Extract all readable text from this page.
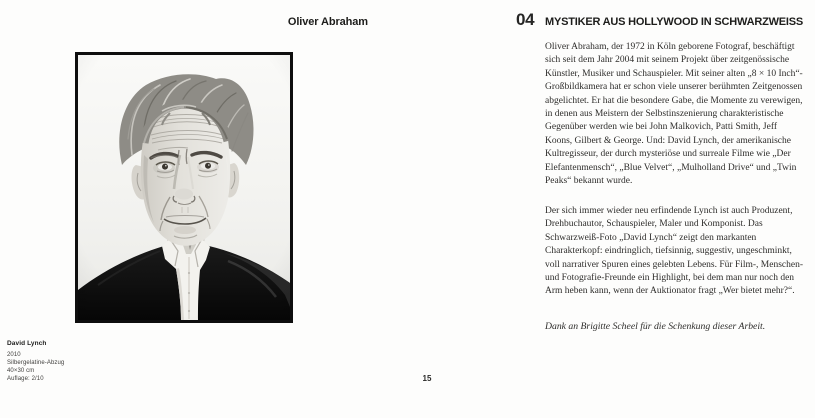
Oliver Abraham
David Lynch
2010
Silbergelatine-Abzug
40×30 cm
Auflage: 2/10	15
04 MYSTIKER AUS HOLLYWOOD IN SCHWARZWEISS

Oliver Abraham, der 1972 in Köln geborene Fotograf, beschäftigt sich seit dem Jahr 2004 mit seinem Projekt über zeitgenössische Künstler, Musiker und Schauspieler. Mit seiner alten „8 × 10 Inch“-Großbildkamera hat er schon viele unserer berühmten Zeitgenossen abgelichtet. Er hat die besondere Gabe, die Momente zu verewigen, in denen aus Meistern der Selbstinszenierung charakteristische Gegenüber werden wie bei John Malkovich, Patti Smith, Jeff Koons, Gilbert & George. Und: David Lynch, der amerikanische Kultregisseur, der durch mysteriöse und surreale Filme wie „Der Elefantenmensch“, „Blue Velvet“, „Mulholland Drive“ und „Twin Peaks“ bekannt wurde.

Der sich immer wieder neu erfindende Lynch ist auch Produzent, Drehbuchautor, Schauspieler, Maler und Komponist. Das Schwarzweiß-Foto „David Lynch“ zeigt den markanten Charakterkopf: eindringlich, tiefsinnig, suggestiv, ungeschminkt, voll narrativer Spuren eines gelebten Lebens. Für Film-, Menschen- und Fotografie-Freunde ein Highlight, bei dem man nur noch den Arm heben kann, wenn der Auktionator fragt „Wer bietet mehr?“.

Dank an Brigitte Scheel für die Schenkung dieser Arbeit.
